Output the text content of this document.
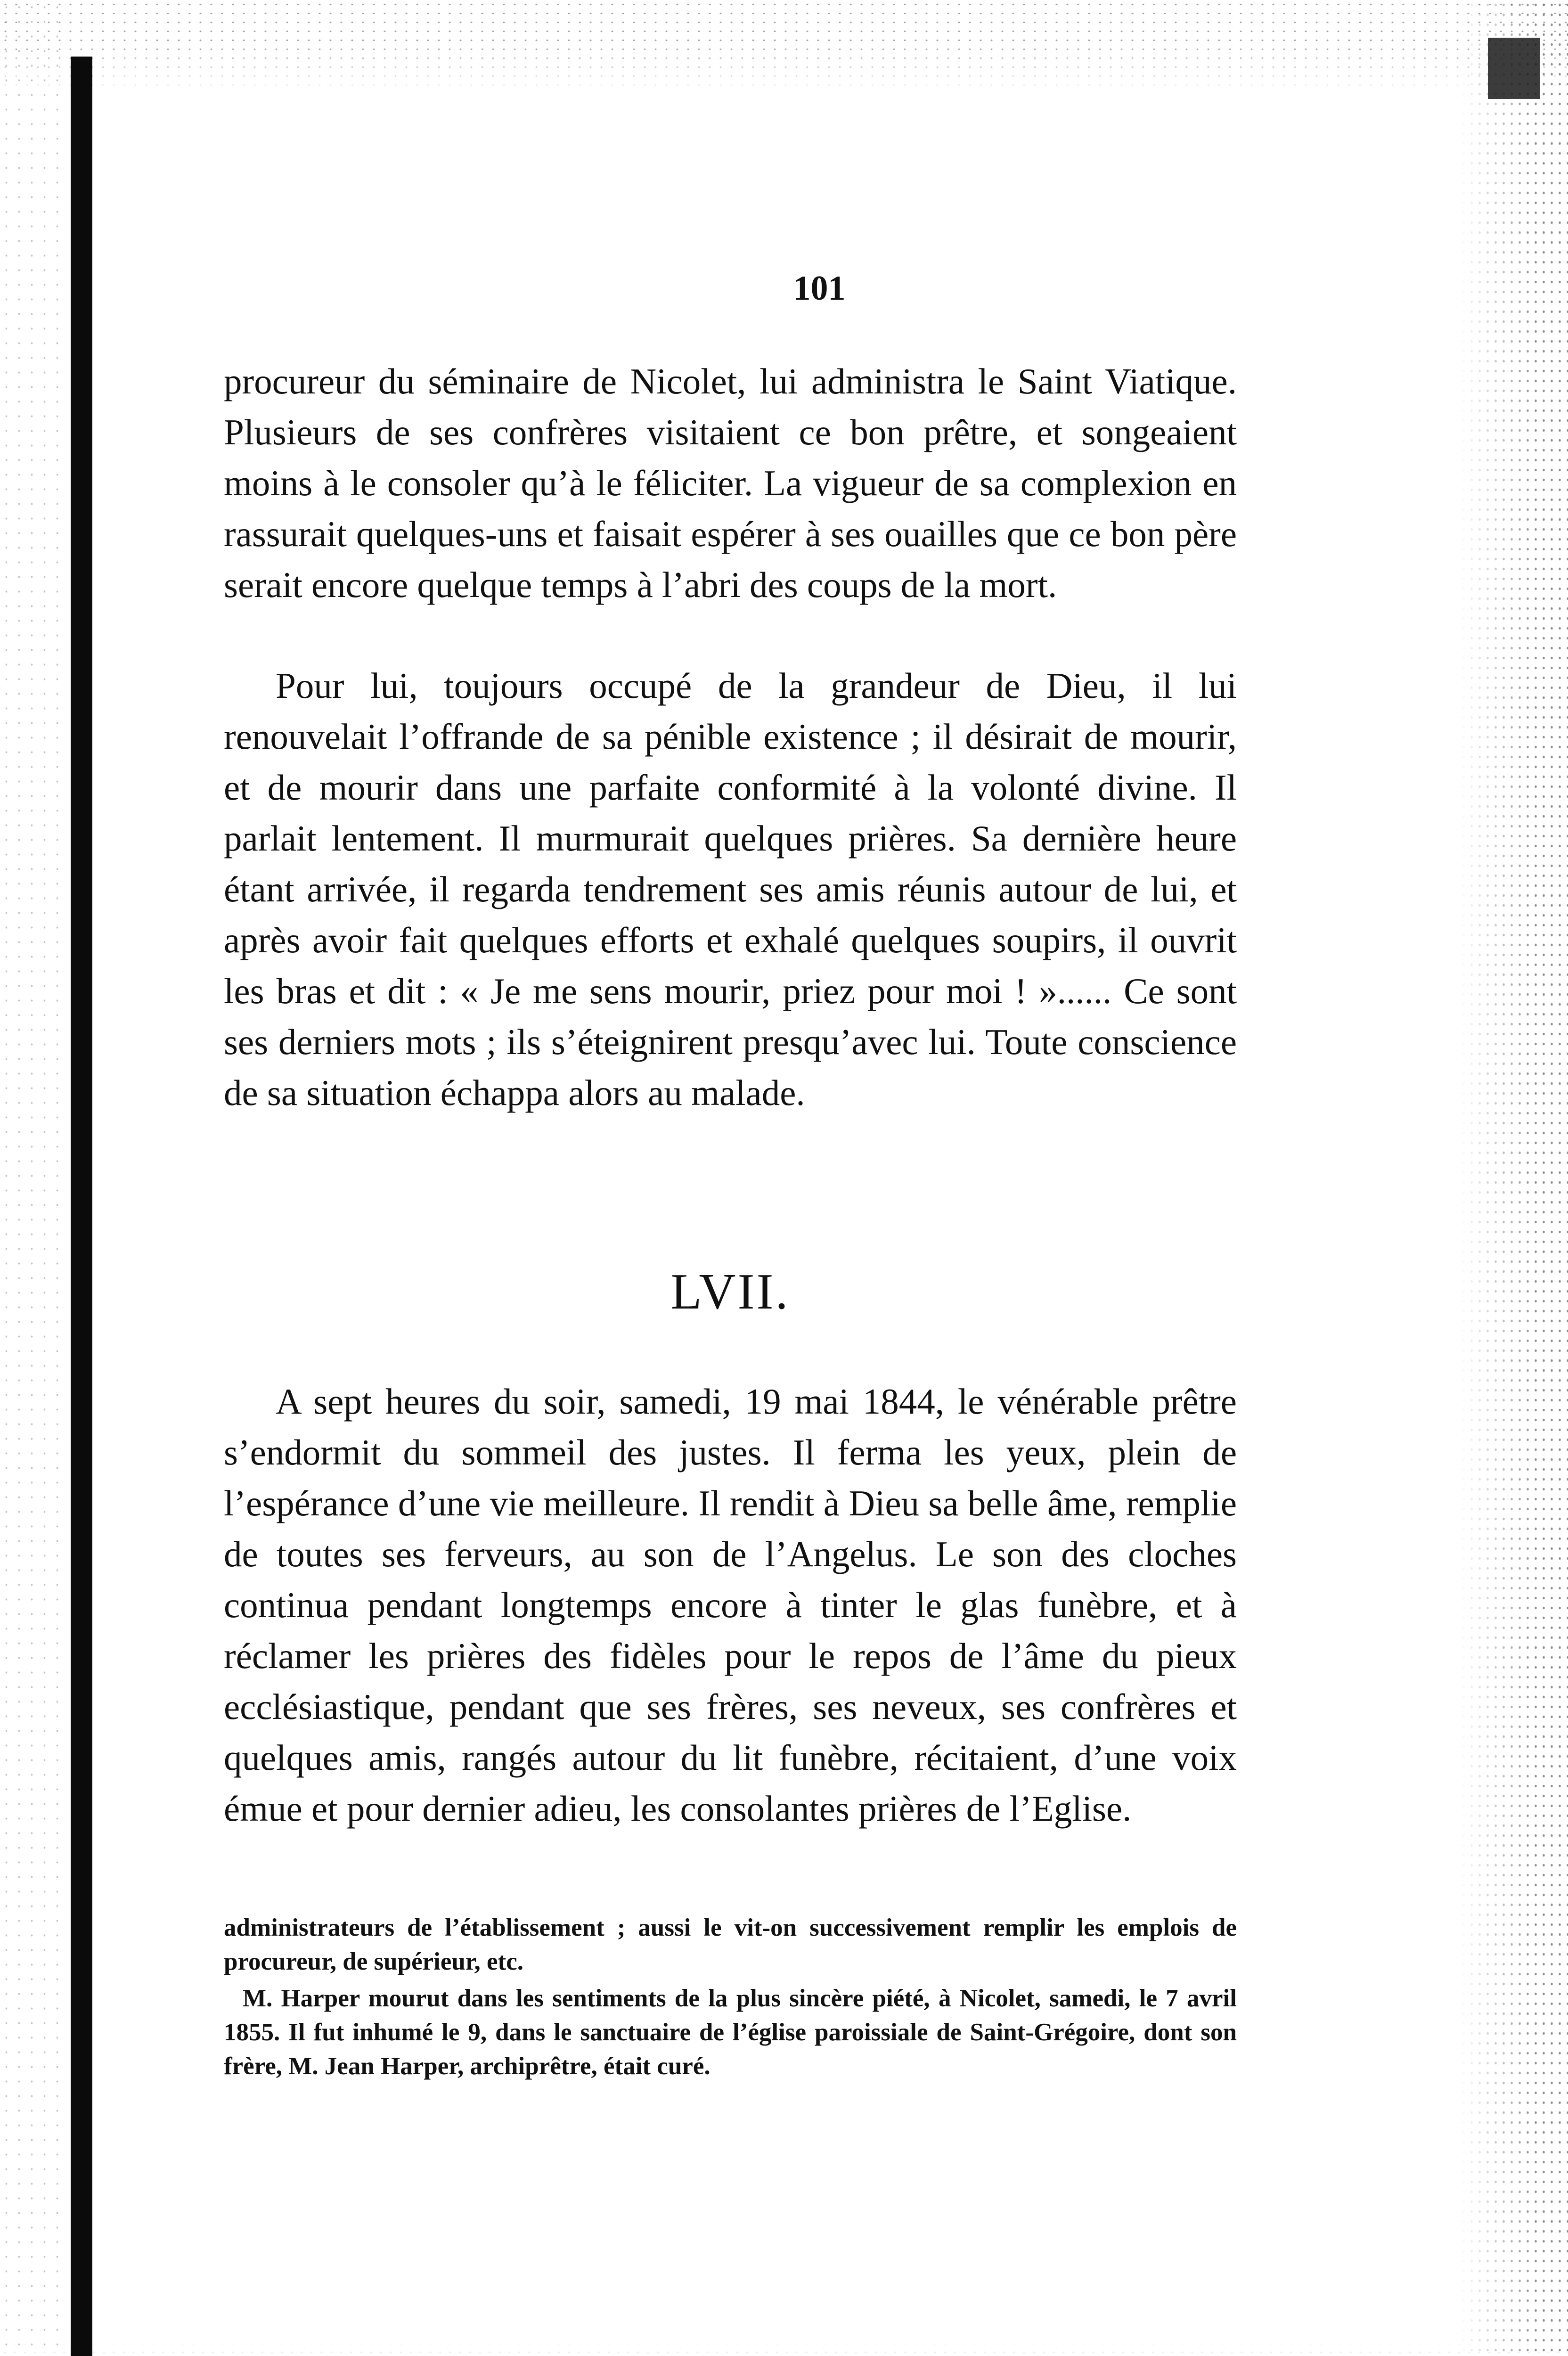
101

procureur du séminaire de Nicolet, lui administra le Saint Viatique. Plusieurs de ses confrères visitaient ce bon prêtre, et songeaient moins à le consoler qu’à le féliciter. La vigueur de sa complexion en rassurait quelques-uns et faisait espérer à ses ouailles que ce bon père serait encore quelque temps à l’abri des coups de la mort.

Pour lui, toujours occupé de la grandeur de Dieu, il lui renouvelait l’offrande de sa pénible existence ; il désirait de mourir, et de mourir dans une parfaite conformité à la volonté divine. Il parlait lentement. Il murmurait quelques prières. Sa dernière heure étant arrivée, il regarda tendrement ses amis réunis autour de lui, et après avoir fait quelques efforts et exhalé quelques soupirs, il ouvrit les bras et dit : « Je me sens mourir, priez pour moi ! »...... Ce sont ses derniers mots ; ils s’éteignirent presqu’avec lui. Toute conscience de sa situation échappa alors au malade.

LVII.

A sept heures du soir, samedi, 19 mai 1844, le vénérable prêtre s’endormit du sommeil des justes. Il ferma les yeux, plein de l’espérance d’une vie meilleure. Il rendit à Dieu sa belle âme, remplie de toutes ses ferveurs, au son de l’Angelus. Le son des cloches continua pendant longtemps encore à tinter le glas funèbre, et à réclamer les prières des fidèles pour le repos de l’âme du pieux ecclésiastique, pendant que ses frères, ses neveux, ses confrères et quelques amis, rangés autour du lit funèbre, récitaient, d’une voix émue et pour dernier adieu, les consolantes prières de l’Eglise.

administrateurs de l’établissement ; aussi le vit-on successivement remplir les emplois de procureur, de supérieur, etc.

M. Harper mourut dans les sentiments de la plus sincère piété, à Nicolet, samedi, le 7 avril 1855. Il fut inhumé le 9, dans le sanctuaire de l’église paroissiale de Saint-Grégoire, dont son frère, M. Jean Harper, archiprêtre, était curé.
